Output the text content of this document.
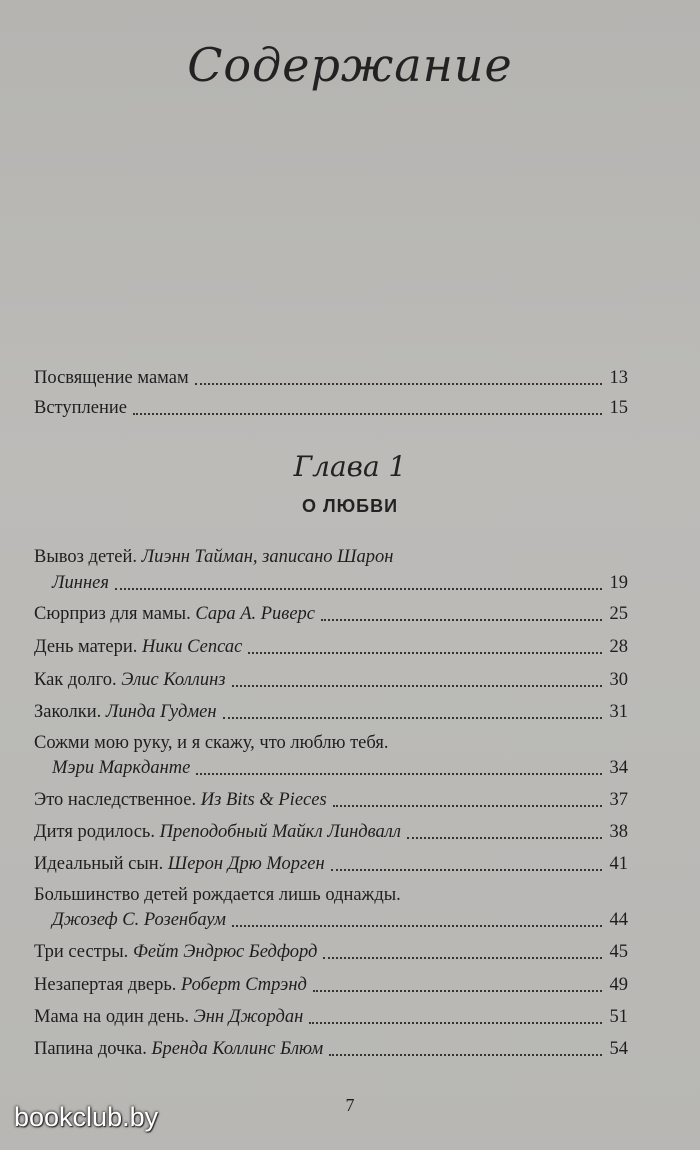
Содержание
Посвящение мамам	13
Вступление	15
Глава 1
О ЛЮБВИ
Вывоз детей. Лиэнн Тайман, записано Шарон
Линнея	19
Сюрприз для мамы. Сара А. Риверс	25
День матери. Ники Сепсас	28
Как долго. Элис Коллинз	30
Заколки. Линда Гудмен	31
Сожми мою руку, и я скажу, что люблю тебя.
Мэри Маркданте	34
Это наследственное. Из Bits & Pieces	37
Дитя родилось. Преподобный Майкл Линдвалл	38
Идеальный сын. Шерон Дрю Морген	41
Большинство детей рождается лишь однажды.
Джозеф С. Розенбаум	44
Три сестры. Фейт Эндрюс Бедфорд	45
Незапертая дверь. Роберт Стрэнд	49
Мама на один день. Энн Джордан	51
Папина дочка. Бренда Коллинс Блюм	54
7
bookclub.by
